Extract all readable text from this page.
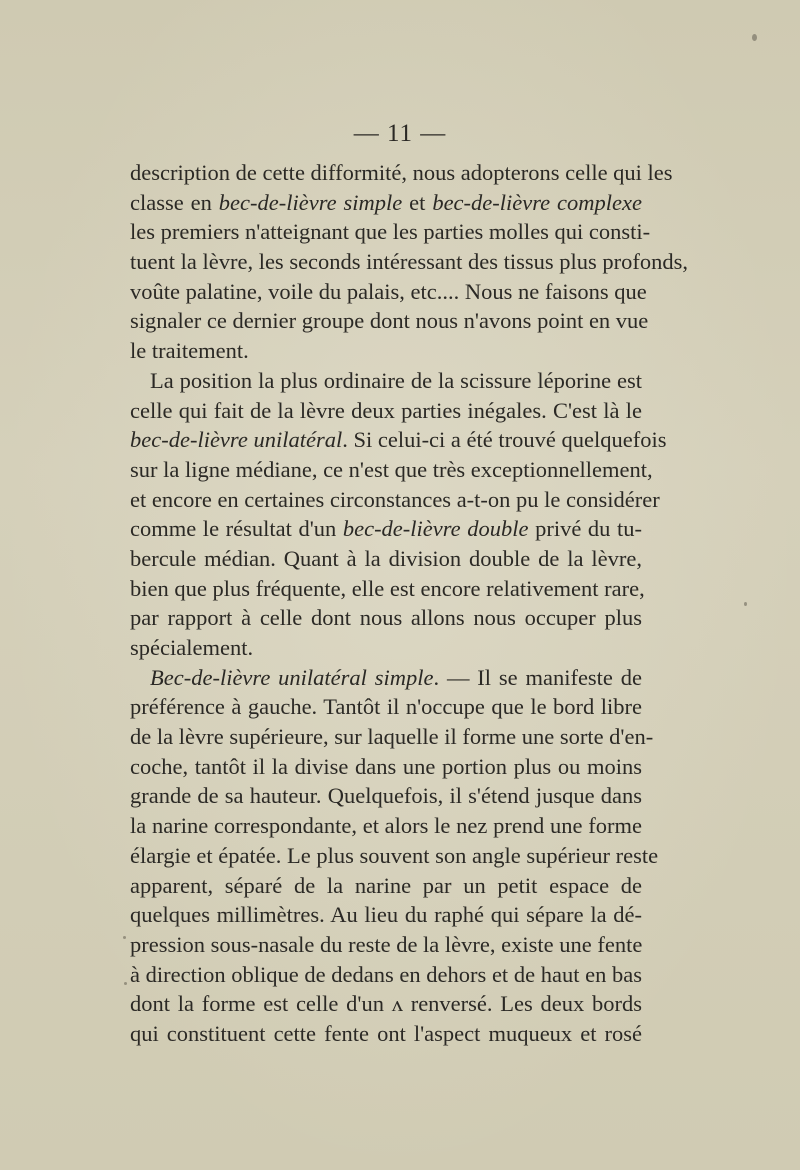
— 11 —
description de cette difformité, nous adopterons celle qui les
classe en bec-de-lièvre simple et bec-de-lièvre complexe
les premiers n'atteignant que les parties molles qui consti-
tuent la lèvre, les seconds intéressant des tissus plus profonds,
voûte palatine, voile du palais, etc.... Nous ne faisons que
signaler ce dernier groupe dont nous n'avons point en vue
le traitement.
La position la plus ordinaire de la scissure léporine est
celle qui fait de la lèvre deux parties inégales. C'est là le
bec-de-lièvre unilatéral. Si celui-ci a été trouvé quelquefois
sur la ligne médiane, ce n'est que très exceptionnellement,
et encore en certaines circonstances a-t-on pu le considérer
comme le résultat d'un bec-de-lièvre double privé du tu-
bercule médian. Quant à la division double de la lèvre,
bien que plus fréquente, elle est encore relativement rare,
par rapport à celle dont nous allons nous occuper plus
spécialement.
Bec-de-lièvre unilatéral simple. — Il se manifeste de
préférence à gauche. Tantôt il n'occupe que le bord libre
de la lèvre supérieure, sur laquelle il forme une sorte d'en-
coche, tantôt il la divise dans une portion plus ou moins
grande de sa hauteur. Quelquefois, il s'étend jusque dans
la narine correspondante, et alors le nez prend une forme
élargie et épatée. Le plus souvent son angle supérieur reste
apparent, séparé de la narine par un petit espace de
quelques millimètres. Au lieu du raphé qui sépare la dé-
pression sous-nasale du reste de la lèvre, existe une fente
à direction oblique de dedans en dehors et de haut en bas
dont la forme est celle d'un ʌ renversé. Les deux bords
qui constituent cette fente ont l'aspect muqueux et rosé
